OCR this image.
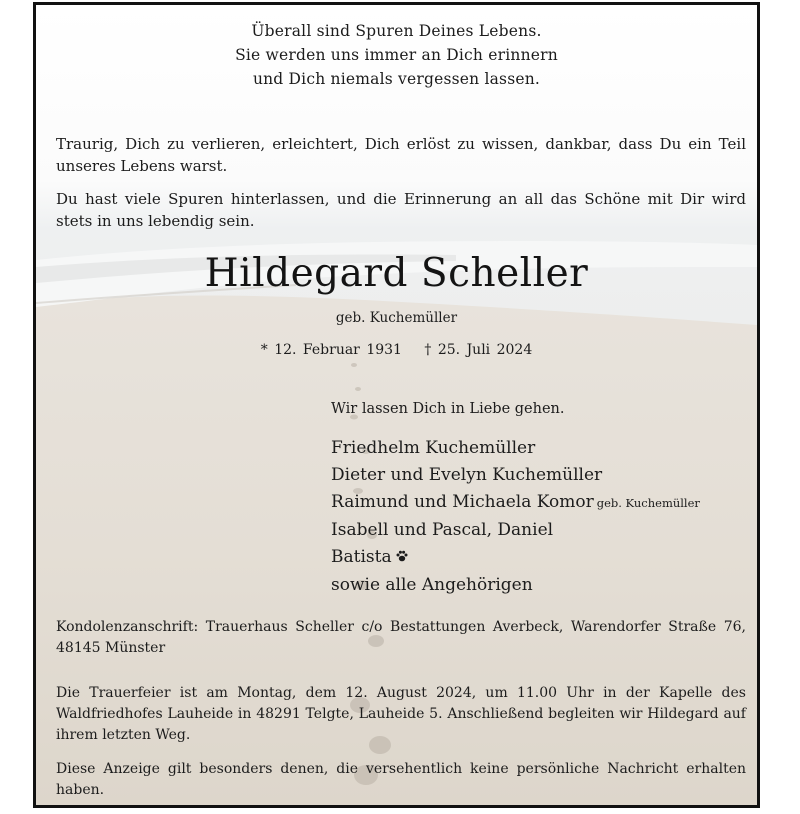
Überall sind Spuren Deines Lebens.
Sie werden uns immer an Dich erinnern
und Dich niemals vergessen lassen.
Traurig, Dich zu verlieren, erleichtert, Dich erlöst zu wissen, dankbar, dass Du ein Teil unseres Lebens warst.
Du hast viele Spuren hinterlassen, und die Erinnerung an all das Schöne mit Dir wird stets in uns lebendig sein.
Hildegard Scheller
geb. Kuchemüller
* 12. Februar 1931 † 25. Juli 2024
Wir lassen Dich in Liebe gehen.
Friedhelm Kuchemüller
Dieter und Evelyn Kuchemüller
Raimund und Michaela Komor geb. Kuchemüller
Isabell und Pascal, Daniel
Batista
sowie alle Angehörigen
Kondolenzanschrift: Trauerhaus Scheller c/o Bestattungen Averbeck, Warendorfer Straße 76, 48145 Münster
Die Trauerfeier ist am Montag, dem 12. August 2024, um 11.00 Uhr in der Kapelle des Waldfriedhofes Lauheide in 48291 Telgte, Lauheide 5. Anschließend begleiten wir Hildegard auf ihrem letzten Weg.
Diese Anzeige gilt besonders denen, die versehentlich keine persönliche Nachricht erhalten haben.
